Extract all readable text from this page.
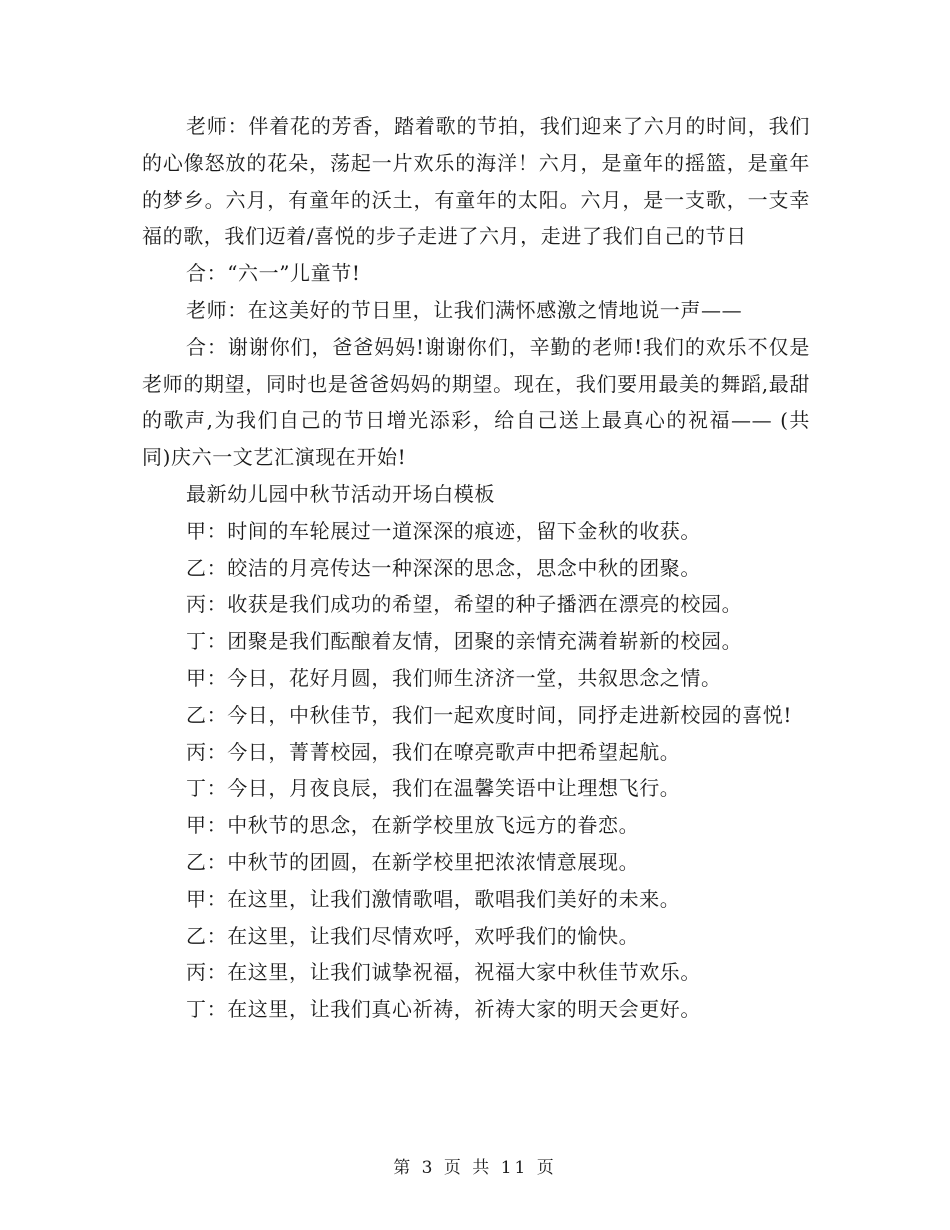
老师：伴着花的芳香，踏着歌的节拍，我们迎来了六月的时间，我们的心像怒放的花朵，荡起一片欢乐的海洋！六月，是童年的摇篮，是童年的梦乡。六月，有童年的沃土，有童年的太阳。六月，是一支歌，一支幸福的歌，我们迈着/喜悦的步子走进了六月，走进了我们自己的节日

合：“六一”儿童节!

老师：在这美好的节日里，让我们满怀感激之情地说一声——

合：谢谢你们，爸爸妈妈!谢谢你们，辛勤的老师!我们的欢乐不仅是老师的期望，同时也是爸爸妈妈的期望。现在，我们要用最美的舞蹈,最甜的歌声,为我们自己的节日增光添彩，给自己送上最真心的祝福—— (共同)庆六一文艺汇演现在开始!

最新幼儿园中秋节活动开场白模板

甲：时间的车轮展过一道深深的痕迹，留下金秋的收获。

乙：皎洁的月亮传达一种深深的思念，思念中秋的团聚。

丙：收获是我们成功的希望，希望的种子播洒在漂亮的校园。

丁：团聚是我们酝酿着友情，团聚的亲情充满着崭新的校园。

甲：今日，花好月圆，我们师生济济一堂，共叙思念之情。

乙：今日，中秋佳节，我们一起欢度时间，同抒走进新校园的喜悦!

丙：今日，菁菁校园，我们在嘹亮歌声中把希望起航。

丁：今日，月夜良辰，我们在温馨笑语中让理想飞行。

甲：中秋节的思念，在新学校里放飞远方的眷恋。

乙：中秋节的团圆，在新学校里把浓浓情意展现。

甲：在这里，让我们激情歌唱，歌唱我们美好的未来。

乙：在这里，让我们尽情欢呼，欢呼我们的愉快。

丙：在这里，让我们诚挚祝福，祝福大家中秋佳节欢乐。

丁：在这里，让我们真心祈祷，祈祷大家的明天会更好。

第 3 页 共 11 页
